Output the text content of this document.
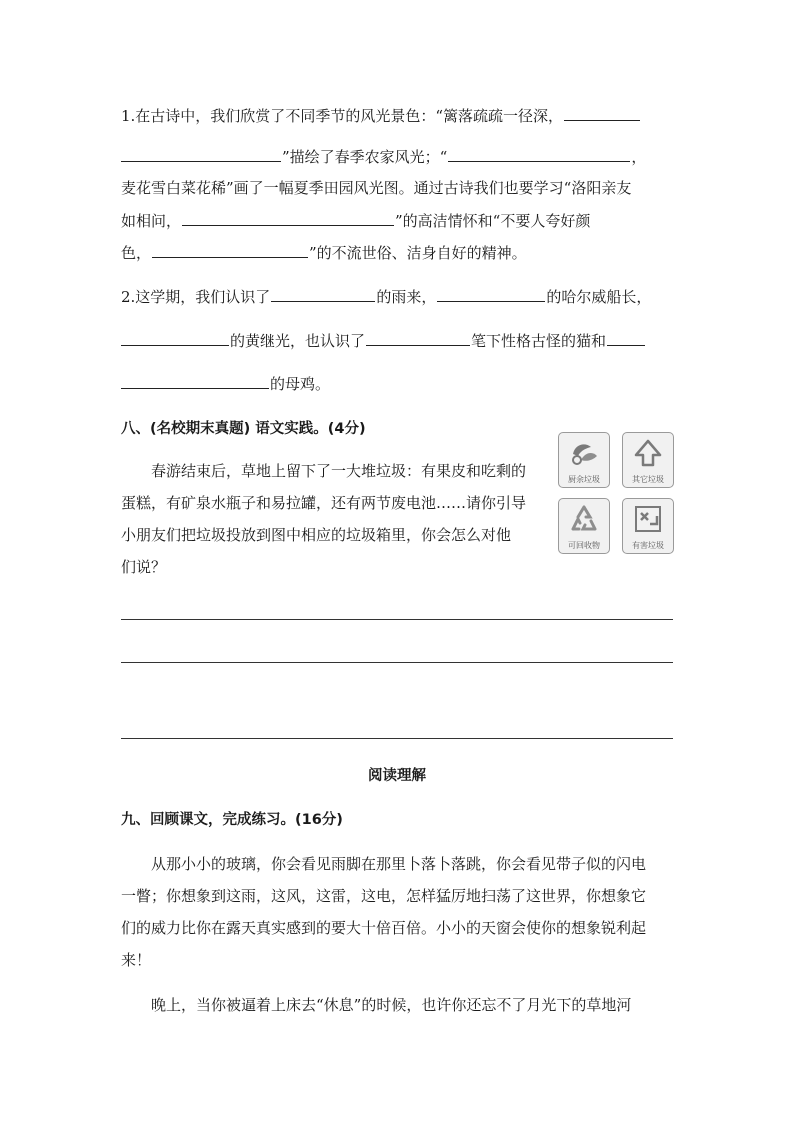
1.在古诗中，我们欣赏了不同季节的风光景色：“篱落疏疏一径深，
”描绘了春季农家风光；“	，
麦花雪白菜花稀”画了一幅夏季田园风光图。通过古诗我们也要学习“洛阳亲友
如相问，	”的高洁情怀和“不要人夸好颜
色，	”的不流世俗、洁身自好的精神。
2.这学期，我们认识了	的雨来，	的哈尔威船长，
的黄继光，也认识了	笔下性格古怪的猫和
的母鸡。
八、(名校期末真题) 语文实践。(4分)
春游结束后，草地上留下了一大堆垃圾：有果皮和吃剩的
蛋糕，有矿泉水瓶子和易拉罐，还有两节废电池……请你引导
小朋友们把垃圾投放到图中相应的垃圾箱里，你会怎么对他
们说？
厨余垃圾	其它垃圾
可回收物	有害垃圾
阅读理解
九、回顾课文，完成练习。(16分)
从那小小的玻璃，你会看见雨脚在那里卜落卜落跳，你会看见带子似的闪电
一瞥；你想象到这雨，这风，这雷，这电，怎样猛厉地扫荡了这世界，你想象它
们的威力比你在露天真实感到的要大十倍百倍。小小的天窗会使你的想象锐利起
来！
晚上，当你被逼着上床去“休息”的时候，也许你还忘不了月光下的草地河
